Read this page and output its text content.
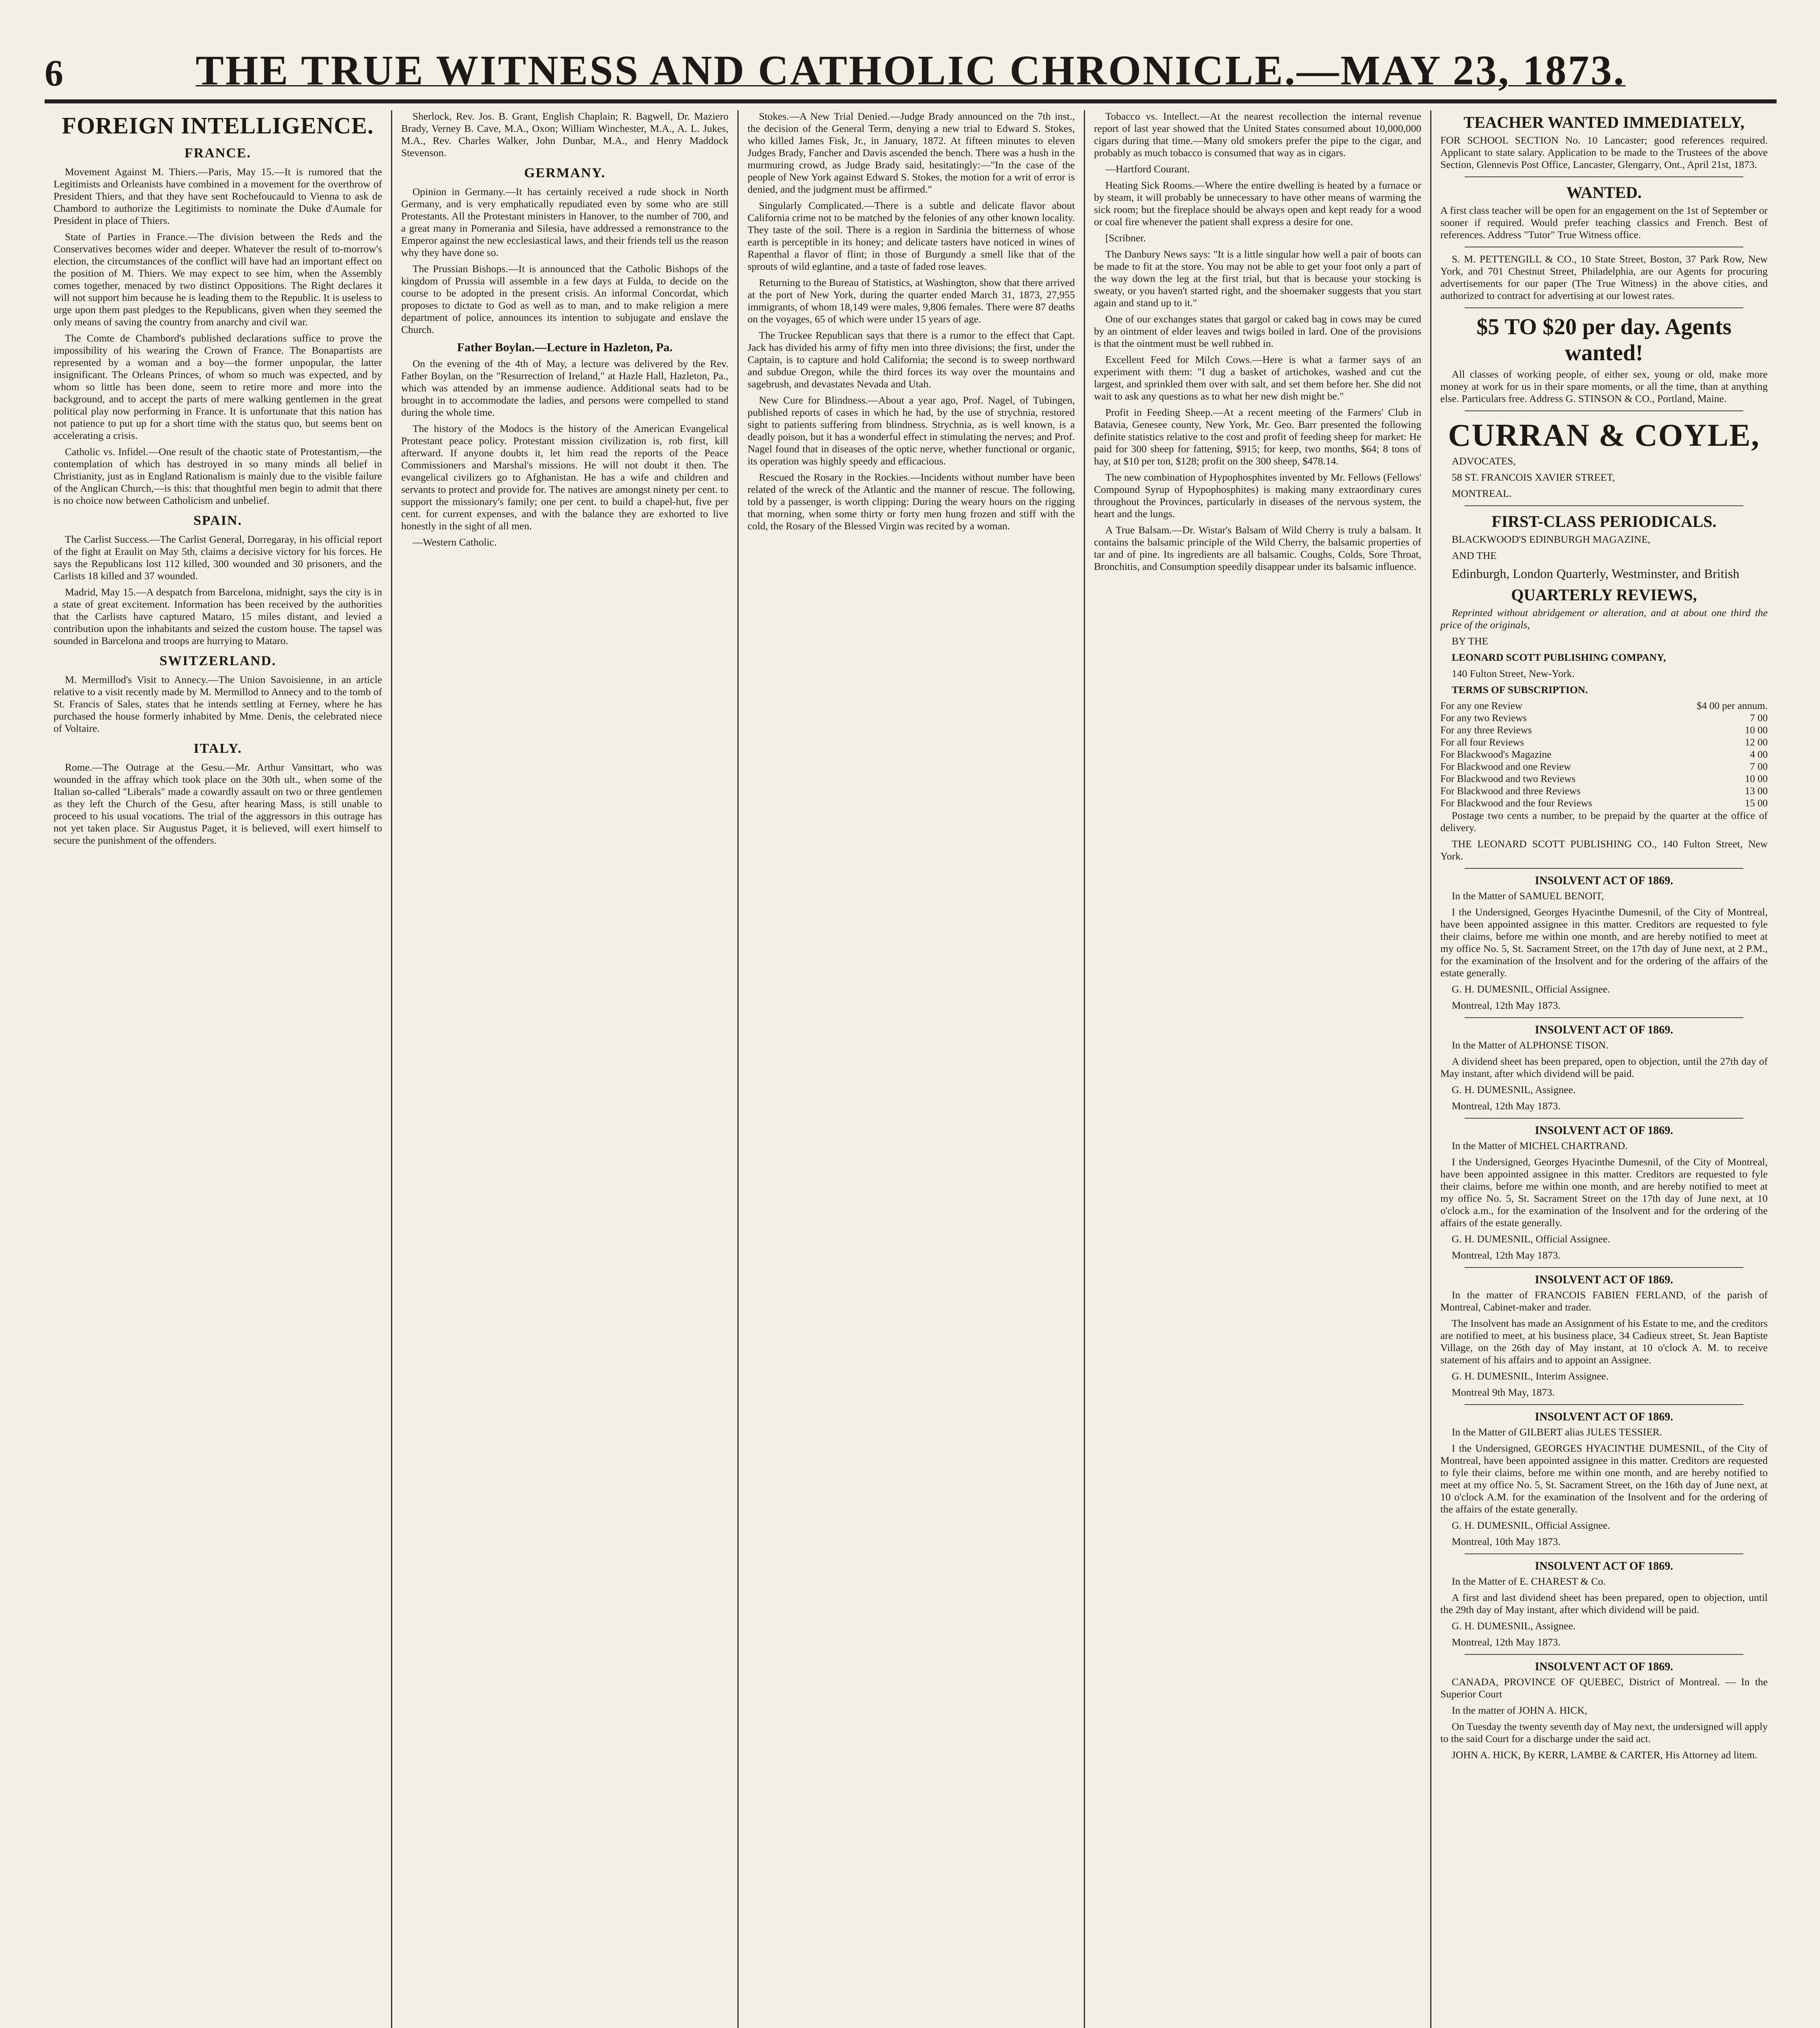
6	THE TRUE WITNESS AND CATHOLIC CHRONICLE.—MAY 23, 1873.
FOREIGN INTELLIGENCE.
FRANCE.

Movement Against M. Thiers.—Paris, May 15.—It is rumored that the Legitimists and Orleanists have combined in a movement for the overthrow of President Thiers, and that they have sent Rochefoucauld to Vienna to ask de Chambord to authorize the Legitimists to nominate the Duke d'Aumale for President in place of Thiers.

State of Parties in France.—The division between the Reds and the Conservatives becomes wider and deeper. Whatever the result of to-morrow's election, the circumstances of the conflict will have had an important effect on the position of M. Thiers. We may expect to see him, when the Assembly comes together, menaced by two distinct Oppositions. The Right declares it will not support him because he is leading them to the Republic. It is useless to urge upon them past pledges to the Republicans, given when they seemed the only means of saving the country from anarchy and civil war.

The Comte de Chambord's published declarations suffice to prove the impossibility of his wearing the Crown of France. The Bonapartists are represented by a woman and a boy—the former unpopular, the latter insignificant. The Orleans Princes, of whom so much was expected, and by whom so little has been done, seem to retire more and more into the background, and to accept the parts of mere walking gentlemen in the great political play now performing in France. It is unfortunate that this nation has not patience to put up for a short time with the status quo, but seems bent on accelerating a crisis.

Catholic vs. Infidel.—One result of the chaotic state of Protestantism,—the contemplation of which has destroyed in so many minds all belief in Christianity, just as in England Rationalism is mainly due to the visible failure of the Anglican Church,—is this: that thoughtful men begin to admit that there is no choice now between Catholicism and unbelief.

SPAIN.

The Carlist Success.—The Carlist General, Dorregaray, in his official report of the fight at Eraulit on May 5th, claims a decisive victory for his forces. He says the Republicans lost 112 killed, 300 wounded and 30 prisoners, and the Carlists 18 killed and 37 wounded.

Madrid, May 15.—A despatch from Barcelona, midnight, says the city is in a state of great excitement. Information has been received by the authorities that the Carlists have captured Mataro, 15 miles distant, and levied a contribution upon the inhabitants and seized the custom house. The tapsel was sounded in Barcelona and troops are hurrying to Mataro.

SWITZERLAND.

M. Mermillod's Visit to Annecy.—The Union Savoisienne, in an article relative to a visit recently made by M. Mermillod to Annecy and to the tomb of St. Francis of Sales, states that he intends settling at Ferney, where he has purchased the house formerly inhabited by Mme. Denis, the celebrated niece of Voltaire.

ITALY.

Rome.—The Outrage at the Gesu.—Mr. Arthur Vansittart, who was wounded in the affray which took place on the 30th ult., when some of the Italian so-called "Liberals" made a cowardly assault on two or three gentlemen as they left the Church of the Gesu, after hearing Mass, is still unable to proceed to his usual vocations. The trial of the aggressors in this outrage has not yet taken place. Sir Augustus Paget, it is believed, will exert himself to secure the punishment of the offenders.

Sherlock, Rev. Jos. B. Grant, English Chaplain; R. Bagwell, Dr. Maziero Brady, Verney B. Cave, M.A., Oxon; William Winchester, M.A., A. L. Jukes, M.A., Rev. Charles Walker, John Dunbar, M.A., and Henry Maddock Stevenson.

GERMANY.

Opinion in Germany.—It has certainly received a rude shock in North Germany, and is very emphatically repudiated even by some who are still Protestants. All the Protestant ministers in Hanover, to the number of 700, and a great many in Pomerania and Silesia, have addressed a remonstrance to the Emperor against the new ecclesiastical laws, and their friends tell us the reason why they have done so.

The Prussian Bishops.—It is announced that the Catholic Bishops of the kingdom of Prussia will assemble in a few days at Fulda, to decide on the course to be adopted in the present crisis. An informal Concordat, which proposes to dictate to God as well as to man, and to make religion a mere department of police, announces its intention to subjugate and enslave the Church.

Father Boylan.—Lecture in Hazleton, Pa.

On the evening of the 4th of May, a lecture was delivered by the Rev. Father Boylan, on the "Resurrection of Ireland," at Hazle Hall, Hazleton, Pa., which was attended by an immense audience. Additional seats had to be brought in to accommodate the ladies, and persons were compelled to stand during the whole time.

The history of the Modocs is the history of the American Evangelical Protestant peace policy. Protestant mission civilization is, rob first, kill afterward. If anyone doubts it, let him read the reports of the Peace Commissioners and Marshal's missions. He will not doubt it then. The evangelical civilizers go to Afghanistan. He has a wife and children and servants to protect and provide for. The natives are amongst ninety per cent. to support the missionary's family; one per cent. to build a chapel-hut, five per cent. for current expenses, and with the balance they are exhorted to live honestly in the sight of all men.

—Western Catholic.

Stokes.—A New Trial Denied.—Judge Brady announced on the 7th inst., the decision of the General Term, denying a new trial to Edward S. Stokes, who killed James Fisk, Jr., in January, 1872. At fifteen minutes to eleven Judges Brady, Fancher and Davis ascended the bench. There was a hush in the murmuring crowd, as Judge Brady said, hesitatingly:—"In the case of the people of New York against Edward S. Stokes, the motion for a writ of error is denied, and the judgment must be affirmed."

Singularly Complicated.—There is a subtle and delicate flavor about California crime not to be matched by the felonies of any other known locality. They taste of the soil. There is a region in Sardinia the bitterness of whose earth is perceptible in its honey; and delicate tasters have noticed in wines of Rapenthal a flavor of flint; in those of Burgundy a smell like that of the sprouts of wild eglantine, and a taste of faded rose leaves.

Returning to the Bureau of Statistics, at Washington, show that there arrived at the port of New York, during the quarter ended March 31, 1873, 27,955 immigrants, of whom 18,149 were males, 9,806 females. There were 87 deaths on the voyages, 65 of which were under 15 years of age.

The Truckee Republican says that there is a rumor to the effect that Capt. Jack has divided his army of fifty men into three divisions; the first, under the Captain, is to capture and hold California; the second is to sweep northward and subdue Oregon, while the third forces its way over the mountains and sagebrush, and devastates Nevada and Utah.

New Cure for Blindness.—About a year ago, Prof. Nagel, of Tubingen, published reports of cases in which he had, by the use of strychnia, restored sight to patients suffering from blindness. Strychnia, as is well known, is a deadly poison, but it has a wonderful effect in stimulating the nerves; and Prof. Nagel found that in diseases of the optic nerve, whether functional or organic, its operation was highly speedy and efficacious.

Rescued the Rosary in the Rockies.—Incidents without number have been related of the wreck of the Atlantic and the manner of rescue. The following, told by a passenger, is worth clipping: During the weary hours on the rigging that morning, when some thirty or forty men hung frozen and stiff with the cold, the Rosary of the Blessed Virgin was recited by a woman.

Tobacco vs. Intellect.—At the nearest recollection the internal revenue report of last year showed that the United States consumed about 10,000,000 cigars during that time.—Many old smokers prefer the pipe to the cigar, and probably as much tobacco is consumed that way as in cigars.

—Hartford Courant.

Heating Sick Rooms.—Where the entire dwelling is heated by a furnace or by steam, it will probably be unnecessary to have other means of warming the sick room; but the fireplace should be always open and kept ready for a wood or coal fire whenever the patient shall express a desire for one.

[Scribner.

The Danbury News says: "It is a little singular how well a pair of boots can be made to fit at the store. You may not be able to get your foot only a part of the way down the leg at the first trial, but that is because your stocking is sweaty, or you haven't started right, and the shoemaker suggests that you start again and stand up to it."

One of our exchanges states that gargol or caked bag in cows may be cured by an ointment of elder leaves and twigs boiled in lard. One of the provisions is that the ointment must be well rubbed in.

Excellent Feed for Milch Cows.—Here is what a farmer says of an experiment with them: "I dug a basket of artichokes, washed and cut the largest, and sprinkled them over with salt, and set them before her. She did not wait to ask any questions as to what her new dish might be."

Profit in Feeding Sheep.—At a recent meeting of the Farmers' Club in Batavia, Genesee county, New York, Mr. Geo. Barr presented the following definite statistics relative to the cost and profit of feeding sheep for market: He paid for 300 sheep for fattening, $915; for keep, two months, $64; 8 tons of hay, at $10 per ton, $128; profit on the 300 sheep, $478.14.

The new combination of Hypophosphites invented by Mr. Fellows (Fellows' Compound Syrup of Hypophosphites) is making many extraordinary cures throughout the Provinces, particularly in diseases of the nervous system, the heart and the lungs.

A True Balsam.—Dr. Wistar's Balsam of Wild Cherry is truly a balsam. It contains the balsamic principle of the Wild Cherry, the balsamic properties of tar and of pine. Its ingredients are all balsamic. Coughs, Colds, Sore Throat, Bronchitis, and Consumption speedily disappear under its balsamic influence.

TEACHER WANTED IMMEDIATELY,

FOR SCHOOL SECTION No. 10 Lancaster; good references required. Applicant to state salary. Application to be made to the Trustees of the above Section, Glennevis Post Office, Lancaster, Glengarry, Ont., April 21st, 1873.

WANTED.

A first class teacher will be open for an engagement on the 1st of September or sooner if required. Would prefer teaching classics and French. Best of references. Address "Tutor" True Witness office.

S. M. PETTENGILL & CO., 10 State Street, Boston, 37 Park Row, New York, and 701 Chestnut Street, Philadelphia, are our Agents for procuring advertisements for our paper (The True Witness) in the above cities, and authorized to contract for advertising at our lowest rates.

$5 TO $20 per day. Agents wanted!

All classes of working people, of either sex, young or old, make more money at work for us in their spare moments, or all the time, than at anything else. Particulars free. Address G. STINSON & CO., Portland, Maine.

CURRAN & COYLE,

ADVOCATES,

58 ST. FRANCOIS XAVIER STREET,

MONTREAL.

FIRST-CLASS PERIODICALS.

BLACKWOOD'S EDINBURGH MAGAZINE,

AND THE

Edinburgh, London Quarterly, Westminster, and British

QUARTERLY REVIEWS,

Reprinted without abridgement or alteration, and at about one third the price of the originals,

BY THE

LEONARD SCOTT PUBLISHING COMPANY,

140 Fulton Street, New-York.

TERMS OF SUBSCRIPTION.

For any one Review	$4 00 per annum.
For any two Reviews	7 00
For any three Reviews	10 00
For all four Reviews	12 00
For Blackwood's Magazine	4 00
For Blackwood and one Review	7 00
For Blackwood and two Reviews	10 00
For Blackwood and three Reviews	13 00
For Blackwood and the four Reviews	15 00

Postage two cents a number, to be prepaid by the quarter at the office of delivery.

THE LEONARD SCOTT PUBLISHING CO., 140 Fulton Street, New York.

INSOLVENT ACT OF 1869.

In the Matter of SAMUEL BENOIT,

I the Undersigned, Georges Hyacinthe Dumesnil, of the City of Montreal, have been appointed assignee in this matter. Creditors are requested to fyle their claims, before me within one month, and are hereby notified to meet at my office No. 5, St. Sacrament Street, on the 17th day of June next, at 2 P.M., for the examination of the Insolvent and for the ordering of the affairs of the estate generally.

G. H. DUMESNIL, Official Assignee.

Montreal, 12th May 1873.

INSOLVENT ACT OF 1869.

In the Matter of ALPHONSE TISON.

A dividend sheet has been prepared, open to objection, until the 27th day of May instant, after which dividend will be paid.

G. H. DUMESNIL, Assignee.

Montreal, 12th May 1873.

INSOLVENT ACT OF 1869.

In the Matter of MICHEL CHARTRAND.

I the Undersigned, Georges Hyacinthe Dumesnil, of the City of Montreal, have been appointed assignee in this matter. Creditors are requested to fyle their claims, before me within one month, and are hereby notified to meet at my office No. 5, St. Sacrament Street on the 17th day of June next, at 10 o'clock a.m., for the examination of the Insolvent and for the ordering of the affairs of the estate generally.

G. H. DUMESNIL, Official Assignee.

Montreal, 12th May 1873.

INSOLVENT ACT OF 1869.

In the matter of FRANCOIS FABIEN FERLAND, of the parish of Montreal, Cabinet-maker and trader.

The Insolvent has made an Assignment of his Estate to me, and the creditors are notified to meet, at his business place, 34 Cadieux street, St. Jean Baptiste Village, on the 26th day of May instant, at 10 o'clock A. M. to receive statement of his affairs and to appoint an Assignee.

G. H. DUMESNIL, Interim Assignee.

Montreal 9th May, 1873.

INSOLVENT ACT OF 1869.

In the Matter of GILBERT alias JULES TESSIER.

I the Undersigned, GEORGES HYACINTHE DUMESNIL, of the City of Montreal, have been appointed assignee in this matter. Creditors are requested to fyle their claims, before me within one month, and are hereby notified to meet at my office No. 5, St. Sacrament Street, on the 16th day of June next, at 10 o'clock A.M. for the examination of the Insolvent and for the ordering of the affairs of the estate generally.

G. H. DUMESNIL, Official Assignee.

Montreal, 10th May 1873.

INSOLVENT ACT OF 1869.

In the Matter of E. CHAREST & Co.

A first and last dividend sheet has been prepared, open to objection, until the 29th day of May instant, after which dividend will be paid.

G. H. DUMESNIL, Assignee.

Montreal, 12th May 1873.

INSOLVENT ACT OF 1869.

CANADA, PROVINCE OF QUEBEC, District of Montreal. — In the Superior Court

In the matter of JOHN A. HICK,

On Tuesday the twenty seventh day of May next, the undersigned will apply to the said Court for a discharge under the said act.

JOHN A. HICK, By KERR, LAMBE & CARTER, His Attorney ad litem.
